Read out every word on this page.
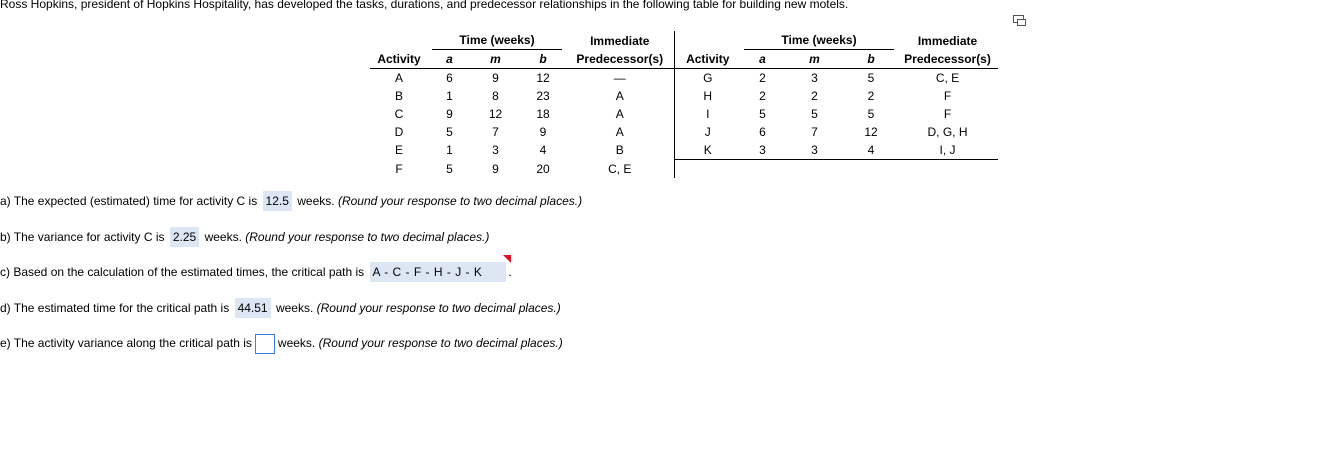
Ross Hopkins, president of Hopkins Hospitality, has developed the tasks, durations, and predecessor relationships in the following table for building new motels.
	Time (weeks)			Immediate		Time (weeks)			Immediate
Activity	a	m	b	Predecessor(s)	Activity	a	m	b	Predecessor(s)
A	6	9	12	—	G	2	3	5	C, E
B	1	8	23	A	H	2	2	2	F
C	9	12	18	A	I	5	5	5	F
D	5	7	9	A	J	6	7	12	D, G, H
E	1	3	4	B	K	3	3	4	I, J
F	5	9	20	C, E					
a) The expected (estimated) time for activity C is 12.5 weeks. (Round your response to two decimal places.)
b) The variance for activity C is 2.25 weeks. (Round your response to two decimal places.)
c) Based on the calculation of the estimated times, the critical path is A - C - F - H - J - K .
d) The estimated time for the critical path is 44.51 weeks. (Round your response to two decimal places.)
e) The activity variance along the critical path is weeks. (Round your response to two decimal places.)
